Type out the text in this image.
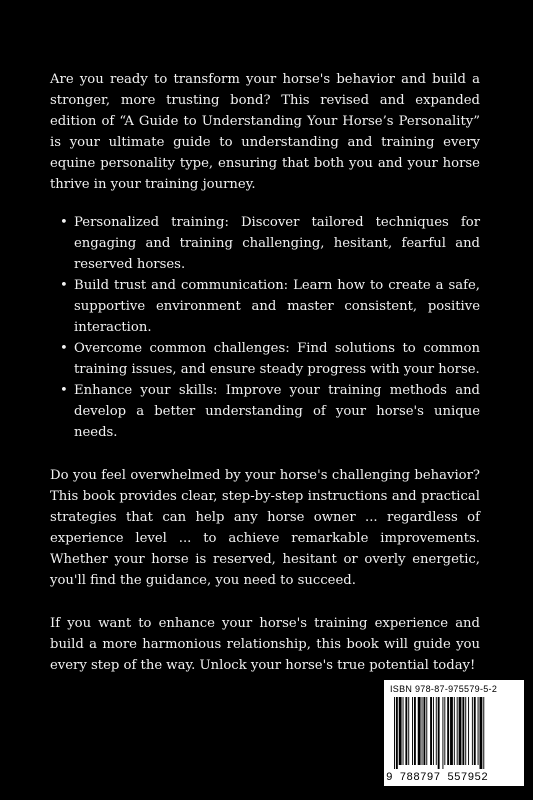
Are you ready to transform your horse's behavior and build a stronger, more trusting bond? This revised and expanded edition of “A Guide to Understanding Your Horse’s Personality” is your ultimate guide to understanding and training every equine personality type, ensuring that both you and your horse thrive in your training journey.

• Personalized training: Discover tailored techniques for engaging and training challenging, hesitant, fearful and reserved horses.
• Build trust and communication: Learn how to create a safe, supportive environment and master consistent, positive interaction.
• Overcome common challenges: Find solutions to common training issues, and ensure steady progress with your horse.
• Enhance your skills: Improve your training methods and develop a better understanding of your horse's unique needs.

Do you feel overwhelmed by your horse's challenging behavior? This book provides clear, step-by-step instructions and practical strategies that can help any horse owner ... regardless of experience level ... to achieve remarkable improvements. Whether your horse is reserved, hesitant or overly energetic, you'll find the guidance, you need to succeed.

If you want to enhance your horse's training experience and build a more harmonious relationship, this book will guide you every step of the way. Unlock your horse's true potential today!

ISBN 978-87-975579-5-2
9 788797 557952
